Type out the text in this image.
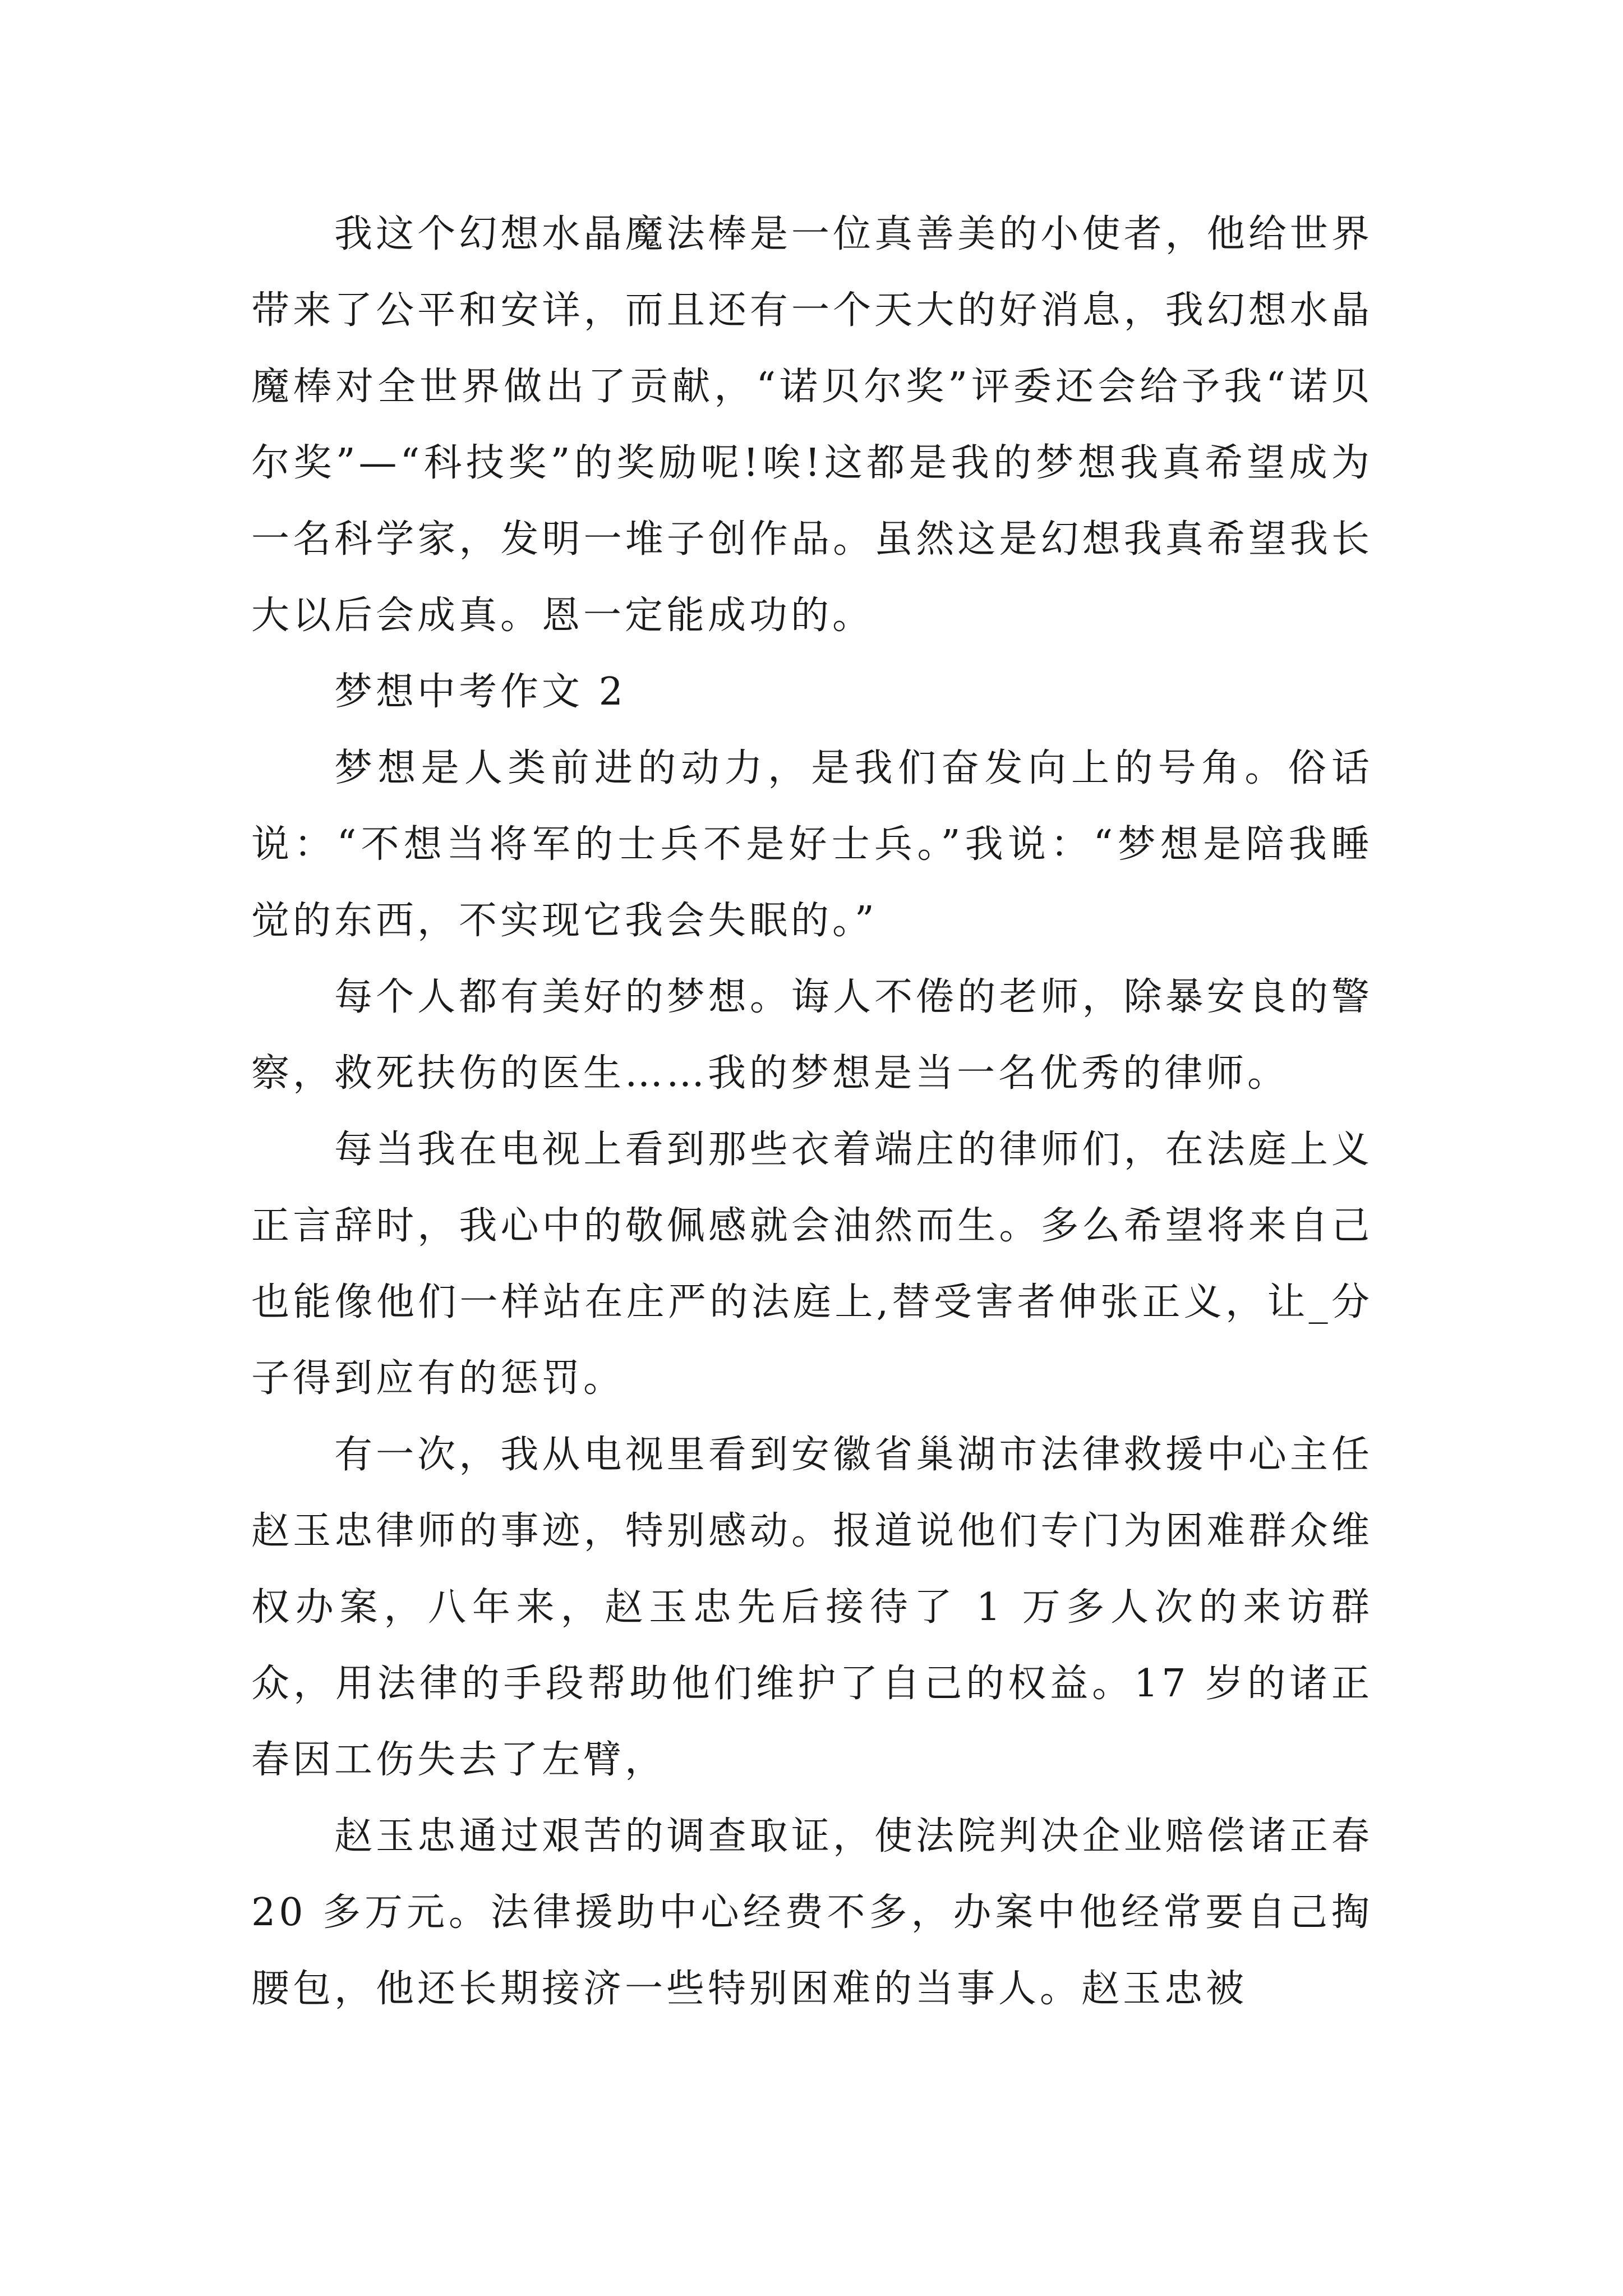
我这个幻想水晶魔法棒是一位真善美的小使者，他给世界带来了公平和安详，而且还有一个天大的好消息，我幻想水晶魔棒对全世界做出了贡献，“诺贝尔奖”评委还会给予我“诺贝尔奖”—“科技奖”的奖励呢!唉!这都是我的梦想我真希望成为一名科学家，发明一堆子创作品。虽然这是幻想我真希望我长大以后会成真。恩一定能成功的。

梦想中考作文 2

梦想是人类前进的动力，是我们奋发向上的号角。俗话说：“不想当将军的士兵不是好士兵。”我说：“梦想是陪我睡觉的东西，不实现它我会失眠的。”

每个人都有美好的梦想。诲人不倦的老师，除暴安良的警察，救死扶伤的医生……我的梦想是当一名优秀的律师。

每当我在电视上看到那些衣着端庄的律师们，在法庭上义正言辞时，我心中的敬佩感就会油然而生。多么希望将来自己也能像他们一样站在庄严的法庭上,替受害者伸张正义，让_分子得到应有的惩罚。

有一次，我从电视里看到安徽省巢湖市法律救援中心主任赵玉忠律师的事迹，特别感动。报道说他们专门为困难群众维权办案，八年来，赵玉忠先后接待了 1 万多人次的来访群众，用法律的手段帮助他们维护了自己的权益。17 岁的诸正春因工伤失去了左臂，

赵玉忠通过艰苦的调查取证，使法院判决企业赔偿诸正春 20 多万元。法律援助中心经费不多，办案中他经常要自己掏腰包，他还长期接济一些特别困难的当事人。赵玉忠被
